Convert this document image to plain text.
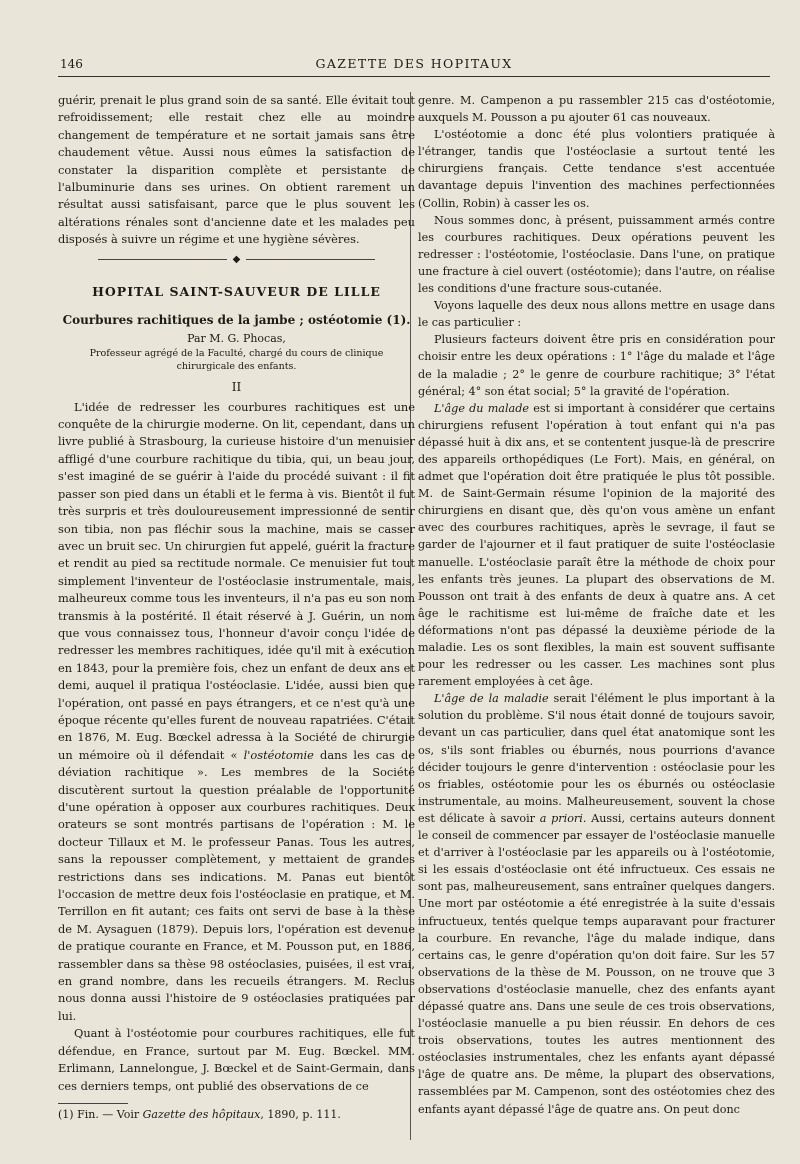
146	GAZETTE DES HOPITAUX

guérir, prenait le plus grand soin de sa santé. Elle évitait tout refroidissement; elle restait chez elle au moindre changement de température et ne sortait jamais sans être chaudement vêtue. Aussi nous eûmes la satisfaction de constater la disparition complète et persistante de l'albuminurie dans ses urines. On obtient rarement un résultat aussi satisfaisant, parce que le plus souvent les altérations rénales sont d'ancienne date et les malades peu disposés à suivre un régime et une hygiène sévères.

◆
HOPITAL SAINT-SAUVEUR DE LILLE
Courbures rachitiques de la jambe ; ostéotomie (1).
Par M. G. Phocas,
Professeur agrégé de la Faculté, chargé du cours de clinique chirurgicale des enfants.
II

L'idée de redresser les courbures rachitiques est une conquête de la chirurgie moderne. On lit, cependant, dans un livre publié à Strasbourg, la curieuse histoire d'un menuisier affligé d'une courbure rachitique du tibia, qui, un beau jour, s'est imaginé de se guérir à l'aide du procédé suivant : il fit passer son pied dans un établi et le ferma à vis. Bientôt il fut très surpris et très douloureusement impressionné de sentir son tibia, non pas fléchir sous la machine, mais se casser avec un bruit sec. Un chirurgien fut appelé, guérit la fracture et rendit au pied sa rectitude normale. Ce menuisier fut tout simplement l'inventeur de l'ostéoclasie instrumentale, mais, malheureux comme tous les inventeurs, il n'a pas eu son nom transmis à la postérité. Il était réservé à J. Guérin, un nom que vous connaissez tous, l'honneur d'avoir conçu l'idée de redresser les membres rachitiques, idée qu'il mit à exécution en 1843, pour la première fois, chez un enfant de deux ans et demi, auquel il pratiqua l'ostéoclasie. L'idée, aussi bien que l'opération, ont passé en pays étrangers, et ce n'est qu'à une époque récente qu'elles furent de nouveau rapatriées. C'était en 1876, M. Eug. Bœckel adressa à la Société de chirurgie un mémoire où il défendait « l'ostéotomie dans les cas de déviation rachitique ». Les membres de la Société discutèrent surtout la question préalable de l'opportunité d'une opération à opposer aux courbures rachitiques. Deux orateurs se sont montrés partisans de l'opération : M. le docteur Tillaux et M. le professeur Panas. Tous les autres, sans la repousser complètement, y mettaient de grandes restrictions dans ses indications. M. Panas eut bientôt l'occasion de mettre deux fois l'ostéoclasie en pratique, et M. Terrillon en fit autant; ces faits ont servi de base à la thèse de M. Aysaguen (1879). Depuis lors, l'opération est devenue de pratique courante en France, et M. Pousson put, en 1886, rassembler dans sa thèse 98 ostéoclasies, puisées, il est vrai, en grand nombre, dans les recueils étrangers. M. Reclus nous donna aussi l'histoire de 9 ostéoclasies pratiquées par lui.

Quant à l'ostéotomie pour courbures rachitiques, elle fut défendue, en France, surtout par M. Eug. Bœckel. MM. Erlimann, Lannelongue, J. Bœckel et de Saint-Germain, dans ces derniers temps, ont publié des observations de ce

(1) Fin. — Voir Gazette des hôpitaux, 1890, p. 111.

genre. M. Campenon a pu rassembler 215 cas d'ostéotomie, auxquels M. Pousson a pu ajouter 61 cas nouveaux.

L'ostéotomie a donc été plus volontiers pratiquée à l'étranger, tandis que l'ostéoclasie a surtout tenté les chirurgiens français. Cette tendance s'est accentuée davantage depuis l'invention des machines perfectionnées (Collin, Robin) à casser les os.

Nous sommes donc, à présent, puissamment armés contre les courbures rachitiques. Deux opérations peuvent les redresser : l'ostéotomie, l'ostéoclasie. Dans l'une, on pratique une fracture à ciel ouvert (ostéotomie); dans l'autre, on réalise les conditions d'une fracture sous-cutanée.

Voyons laquelle des deux nous allons mettre en usage dans le cas particulier :

Plusieurs facteurs doivent être pris en considération pour choisir entre les deux opérations : 1° l'âge du malade et l'âge de la maladie ; 2° le genre de courbure rachitique; 3° l'état général; 4° son état social; 5° la gravité de l'opération.

L'âge du malade est si important à considérer que certains chirurgiens refusent l'opération à tout enfant qui n'a pas dépassé huit à dix ans, et se contentent jusque-là de prescrire des appareils orthopédiques (Le Fort). Mais, en général, on admet que l'opération doit être pratiquée le plus tôt possible. M. de Saint-Germain résume l'opinion de la majorité des chirurgiens en disant que, dès qu'on vous amène un enfant avec des courbures rachitiques, après le sevrage, il faut se garder de l'ajourner et il faut pratiquer de suite l'ostéoclasie manuelle. L'ostéoclasie paraît être la méthode de choix pour les enfants très jeunes. La plupart des observations de M. Pousson ont trait à des enfants de deux à quatre ans. A cet âge le rachitisme est lui-même de fraîche date et les déformations n'ont pas dépassé la deuxième période de la maladie. Les os sont flexibles, la main est souvent suffisante pour les redresser ou les casser. Les machines sont plus rarement employées à cet âge.

L'âge de la maladie serait l'élément le plus important à la solution du problème. S'il nous était donné de toujours savoir, devant un cas particulier, dans quel état anatomique sont les os, s'ils sont friables ou éburnés, nous pourrions d'avance décider toujours le genre d'intervention : ostéoclasie pour les os friables, ostéotomie pour les os éburnés ou ostéoclasie instrumentale, au moins. Malheureusement, souvent la chose est délicate à savoir a priori. Aussi, certains auteurs donnent le conseil de commencer par essayer de l'ostéoclasie manuelle et d'arriver à l'ostéoclasie par les appareils ou à l'ostéotomie, si les essais d'ostéoclasie ont été infructueux. Ces essais ne sont pas, malheureusement, sans entraîner quelques dangers. Une mort par ostéotomie a été enregistrée à la suite d'essais infructueux, tentés quelque temps auparavant pour fracturer la courbure. En revanche, l'âge du malade indique, dans certains cas, le genre d'opération qu'on doit faire. Sur les 57 observations de la thèse de M. Pousson, on ne trouve que 3 observations d'ostéoclasie manuelle, chez des enfants ayant dépassé quatre ans. Dans une seule de ces trois observations, l'ostéoclasie manuelle a pu bien réussir. En dehors de ces trois observations, toutes les autres mentionnent des ostéoclasies instrumentales, chez les enfants ayant dépassé l'âge de quatre ans. De même, la plupart des observations, rassemblées par M. Campenon, sont des ostéotomies chez des enfants ayant dépassé l'âge de quatre ans. On peut donc
